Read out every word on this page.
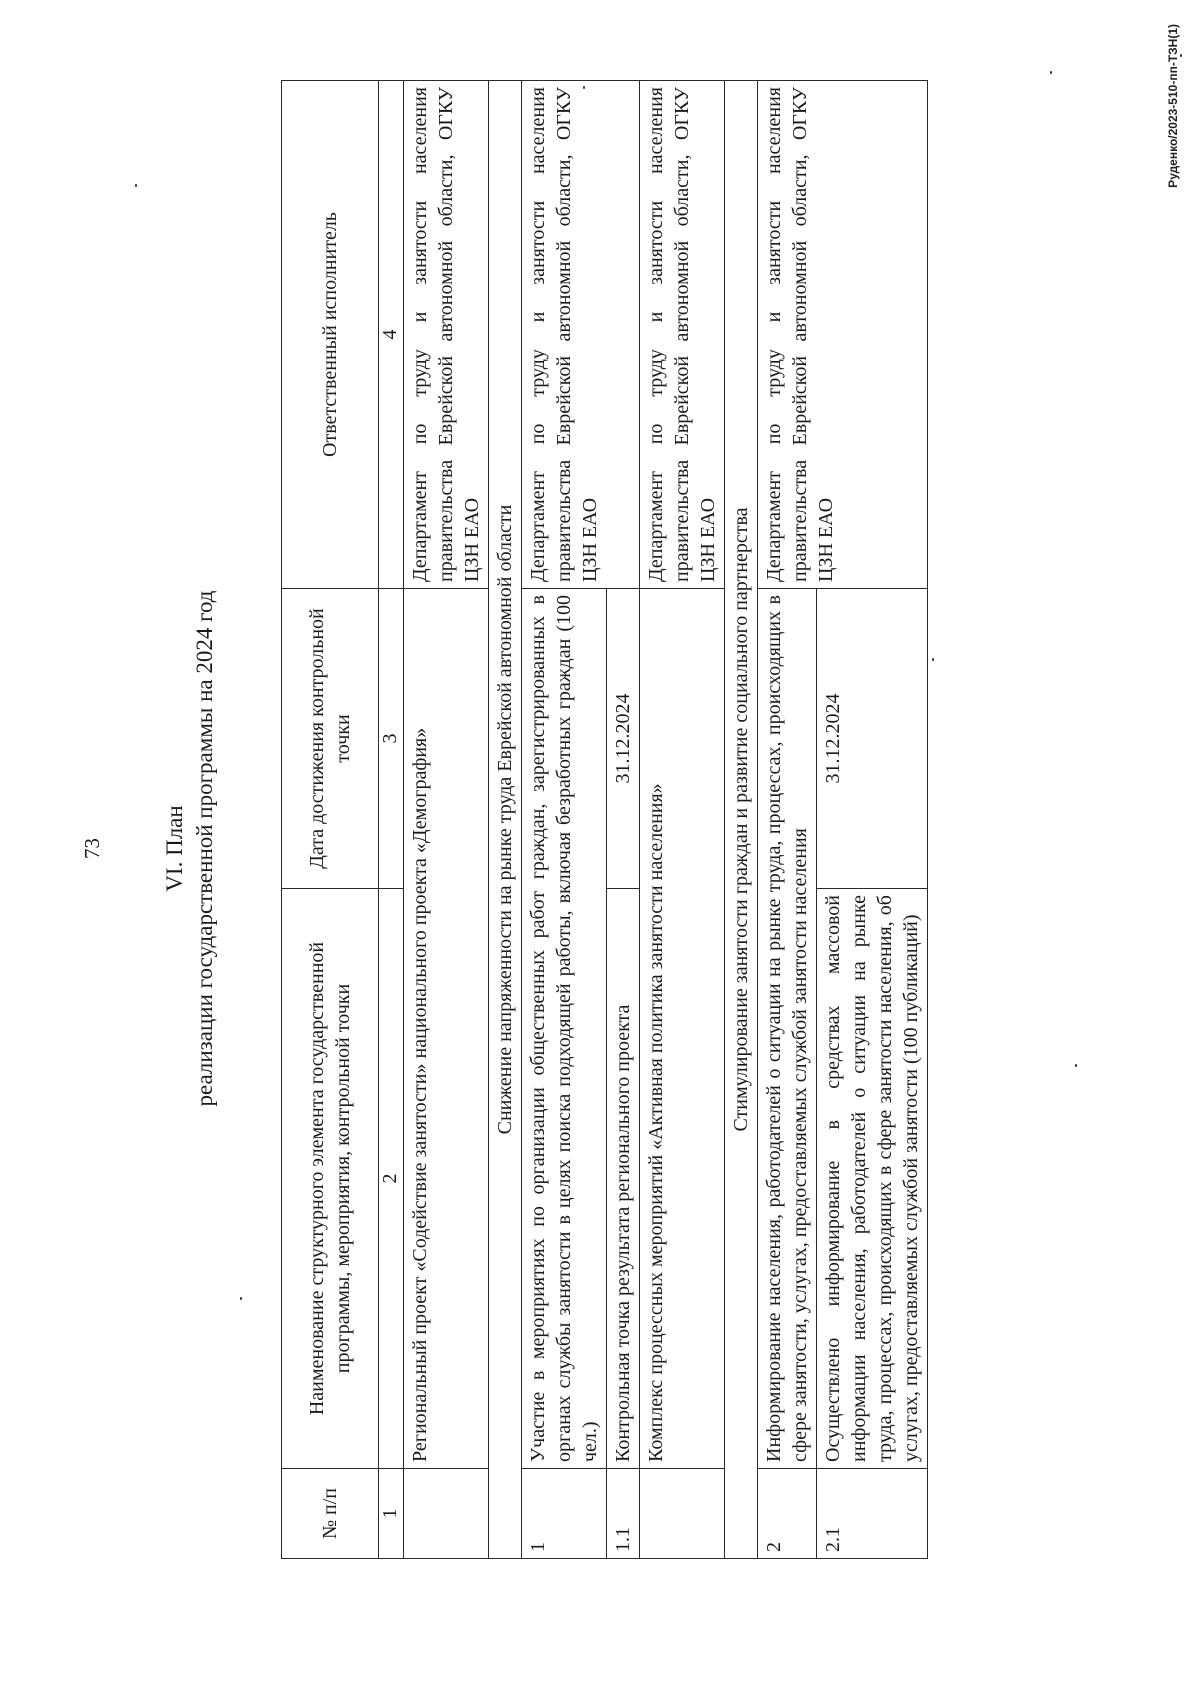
73	VI. План реализации государственной программы на 2024 год
№ п/п	Наименование структурного элемента государственной программы, мероприятия, контрольной точки	Дата достижения контрольной точки	Ответственный исполнитель
1	2	3	4
	Региональный проект «Содействие занятости» национального проекта «Демография»		Департамент по труду и занятости населения правительства Еврейской автономной области, ОГКУ ЦЗН ЕАО
Снижение напряженности на рынке труда Еврейской автономной области			
1	Участие в мероприятиях по организации общественных работ граждан, зарегистрированных в органах службы занятости в целях поиска подходящей работы, включая безработных граждан (100 чел.)		Департамент по труду и занятости населения правительства Еврейской автономной области, ОГКУ ЦЗН ЕАО
1.1	Контрольная точка результата регионального проекта	31.12.2024	
	Комплекс процессных мероприятий «Активная политика занятости населения»		Департамент по труду и занятости населения правительства Еврейской автономной области, ОГКУ ЦЗН ЕАО
Стимулирование занятости граждан и развитие социального партнерства			
2	Информирование населения, работодателей о ситуации на рынке труда, процессах, происходящих в сфере занятости, услугах, предоставляемых службой занятости населения		Департамент по труду и занятости населения правительства Еврейской автономной области, ОГКУ ЦЗН ЕАО
2.1	Осуществлено информирование в средствах массовой информации населения, работодателей о ситуации на рынке труда, процессах, происходящих в сфере занятости населения, об услугах, предоставляемых службой занятости (100 публикаций)	31.12.2024	
Руденко/2023-510-пп-ТЗН(1)
